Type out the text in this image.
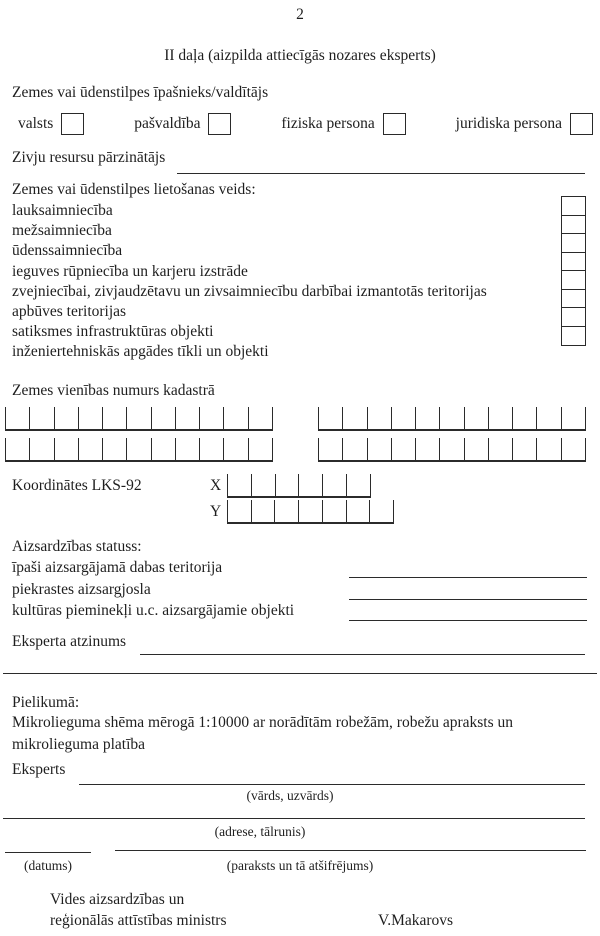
2
II daļa (aizpilda attiecīgās nozares eksperts)
Zemes vai ūdenstilpes īpašnieks/valdītājs
valsts	pašvaldība	fiziska persona	juridiska persona
Zivju resursu pārzinātājs
Zemes vai ūdenstilpes lietošanas veids:
lauksaimniecība
mežsaimniecība
ūdenssaimniecība
ieguves rūpniecība un karjeru izstrāde
zvejniecībai, zivjaudzētavu un zivsaimniecību darbībai izmantotās teritorijas
apbūves teritorijas
satiksmes infrastruktūras objekti
inženiertehniskās apgādes tīkli un objekti
Zemes vienības numurs kadastrā
Koordinātes LKS-92	X
Y
Aizsardzības statuss:
īpaši aizsargājamā dabas teritorija
piekrastes aizsargjosla
kultūras pieminekļi u.c. aizsargājamie objekti
Eksperta atzinums
Pielikumā:
Mikrolieguma shēma mērogā 1:10000 ar norādītām robežām, robežu apraksts un mikrolieguma platība
Eksperts
(vārds, uzvārds)
(adrese, tālrunis)
(datums)	(paraksts un tā atšifrējums)
Vides aizsardzības un
reģionālās attīstības ministrs	V.Makarovs
